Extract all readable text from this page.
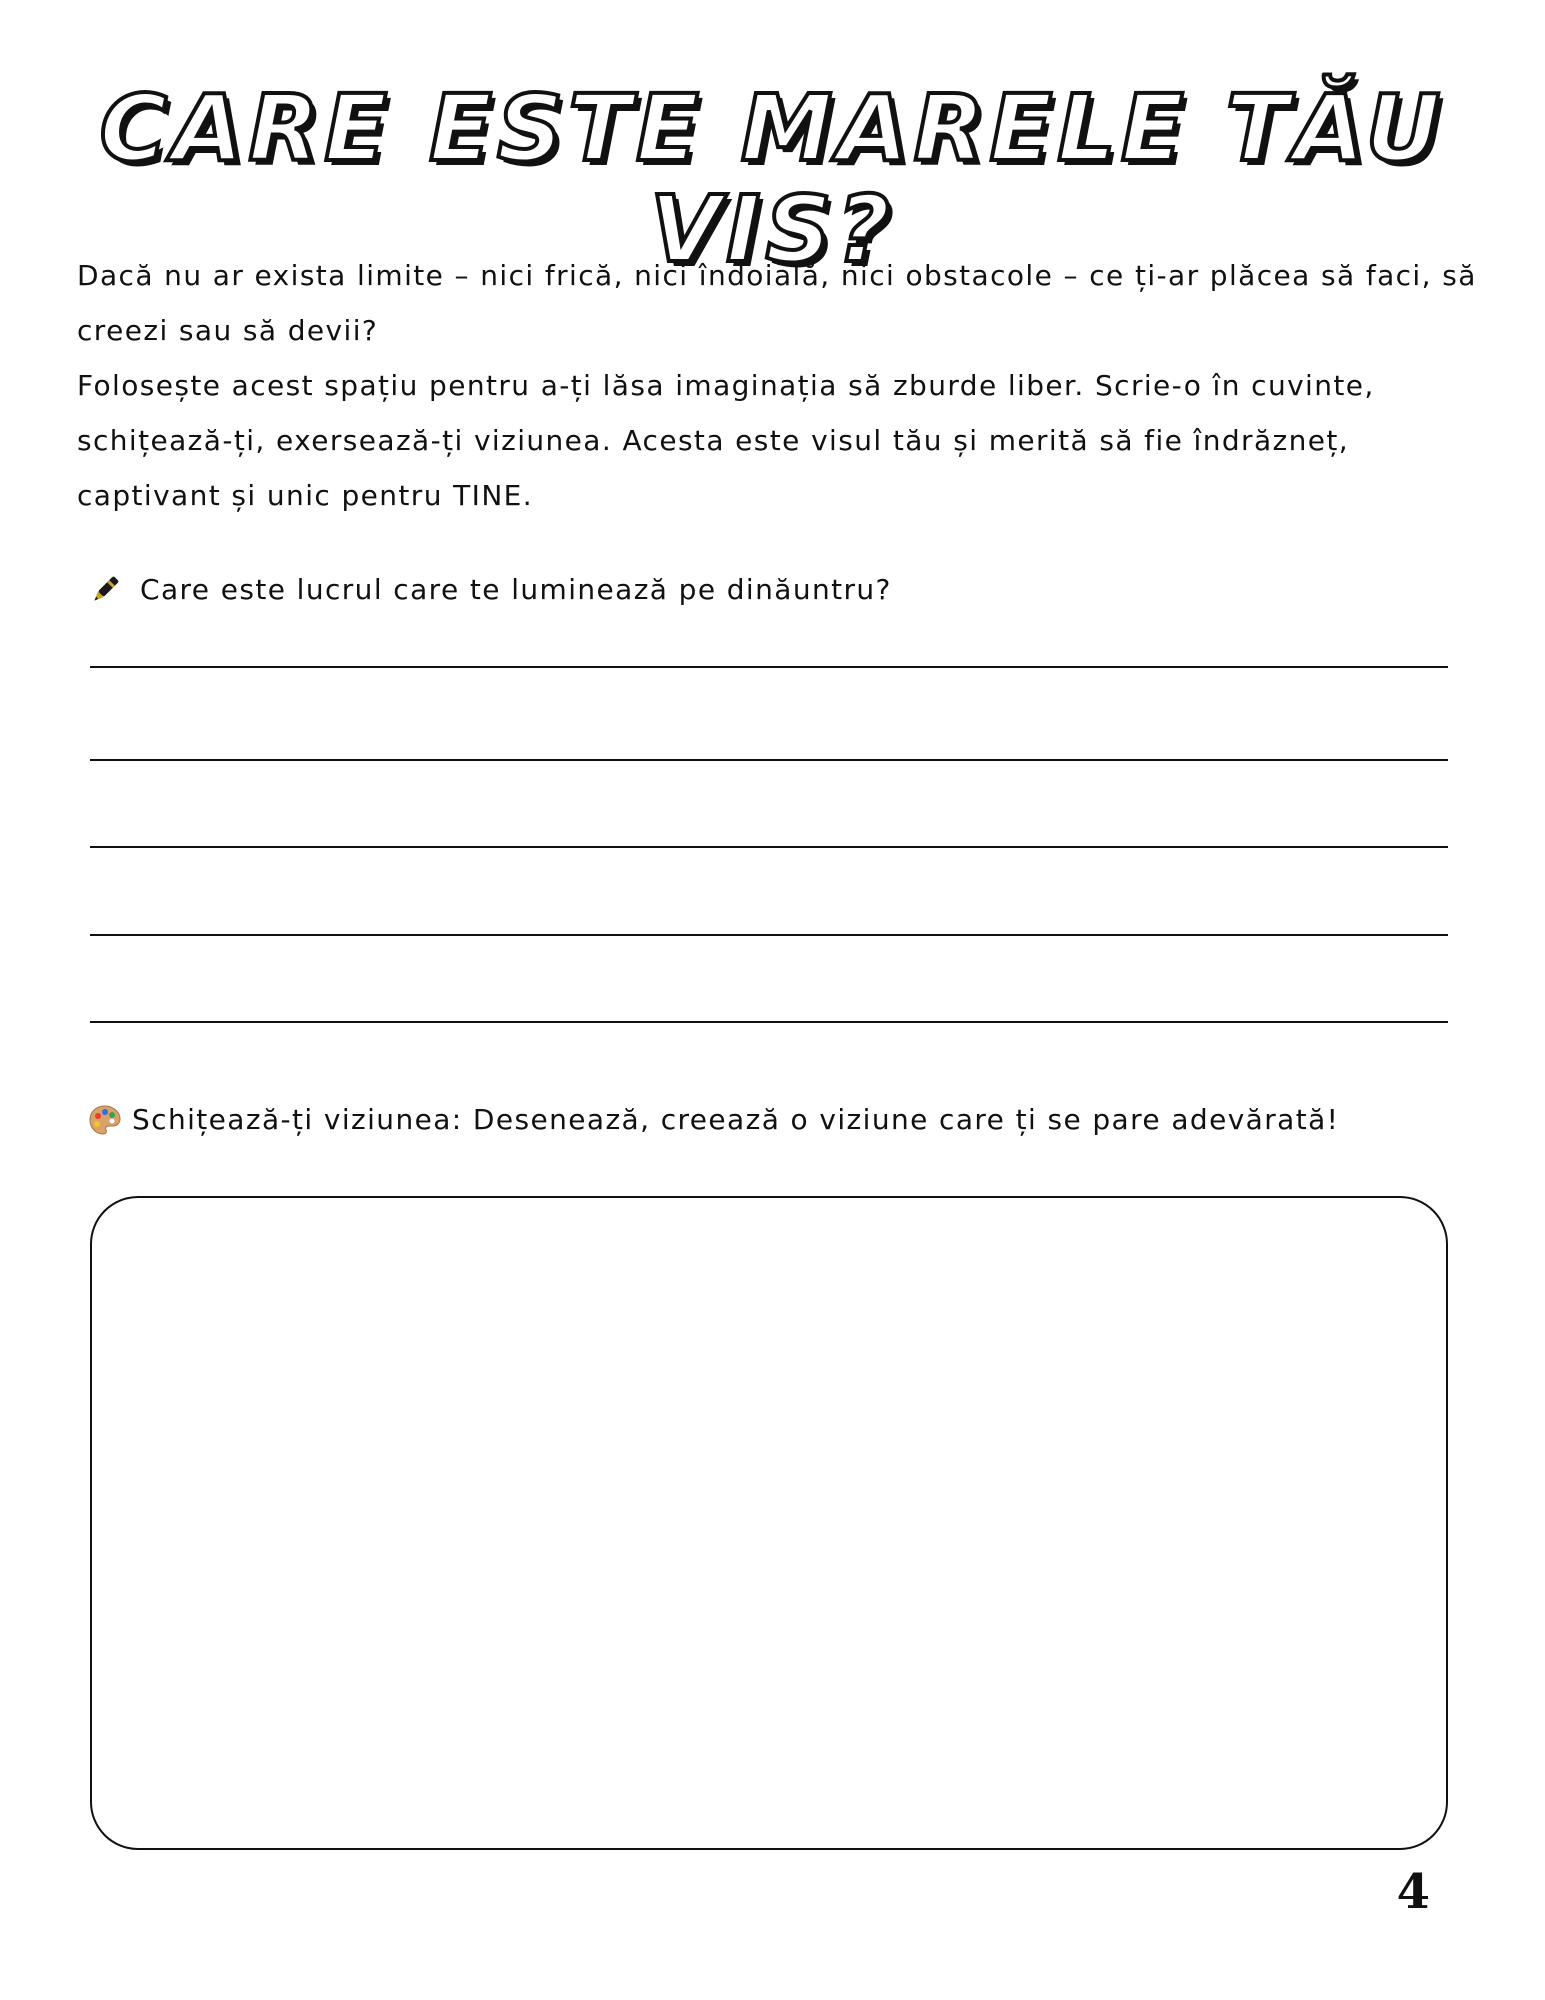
CARE ESTE MARELE TĂU VIS?

Dacă nu ar exista limite – nici frică, nici îndoială, nici obstacole – ce ți-ar plăcea să faci, să creezi sau să devii?

Folosește acest spațiu pentru a-ți lăsa imaginația să zburde liber. Scrie-o în cuvinte, schițează-ți, exersează-ți viziunea. Acesta este visul tău și merită să fie îndrăzneț, captivant și unic pentru TINE.

Care este lucrul care te luminează pe dinăuntru?
Schițează-ți viziunea: Desenează, creează o viziune care ți se pare adevărată!
4
